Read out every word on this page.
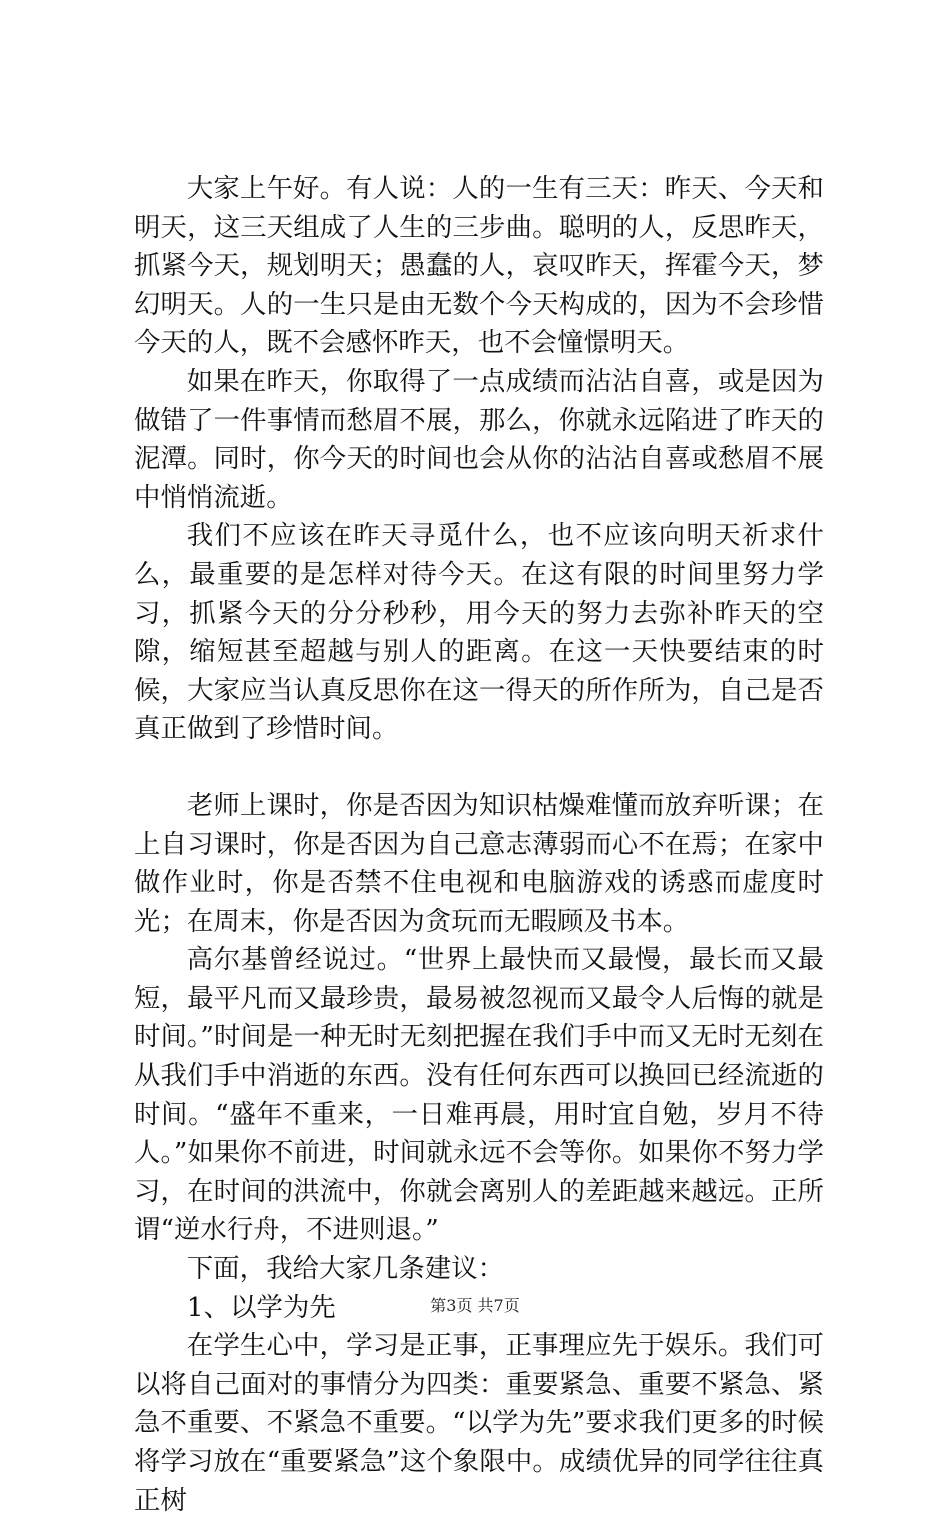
大家上午好。有人说：人的一生有三天：昨天、今天和明天，这三天组成了人生的三步曲。聪明的人，反思昨天，抓紧今天，规划明天；愚蠢的人，哀叹昨天，挥霍今天，梦幻明天。人的一生只是由无数个今天构成的，因为不会珍惜今天的人，既不会感怀昨天，也不会憧憬明天。

如果在昨天，你取得了一点成绩而沾沾自喜，或是因为做错了一件事情而愁眉不展，那么，你就永远陷进了昨天的泥潭。同时，你今天的时间也会从你的沾沾自喜或愁眉不展中悄悄流逝。

我们不应该在昨天寻觅什么，也不应该向明天祈求什么，最重要的是怎样对待今天。在这有限的时间里努力学习，抓紧今天的分分秒秒，用今天的努力去弥补昨天的空隙，缩短甚至超越与别人的距离。在这一天快要结束的时候，大家应当认真反思你在这一得天的所作所为，自己是否真正做到了珍惜时间。

老师上课时，你是否因为知识枯燥难懂而放弃听课；在上自习课时，你是否因为自己意志薄弱而心不在焉；在家中做作业时，你是否禁不住电视和电脑游戏的诱惑而虚度时光；在周末，你是否因为贪玩而无暇顾及书本。

高尔基曾经说过。“世界上最快而又最慢，最长而又最短，最平凡而又最珍贵，最易被忽视而又最令人后悔的就是时间。”时间是一种无时无刻把握在我们手中而又无时无刻在从我们手中消逝的东西。没有任何东西可以换回已经流逝的时间。“盛年不重来，一日难再晨，用时宜自勉，岁月不待人。”如果你不前进，时间就永远不会等你。如果你不努力学习，在时间的洪流中，你就会离别人的差距越来越远。正所谓“逆水行舟，不进则退。”

下面，我给大家几条建议：

1、以学为先

在学生心中，学习是正事，正事理应先于娱乐。我们可以将自己面对的事情分为四类：重要紧急、重要不紧急、紧急不重要、不紧急不重要。“以学为先”要求我们更多的时候将学习放在“重要紧急”这个象限中。成绩优异的同学往往真正树

第3页 共7页
